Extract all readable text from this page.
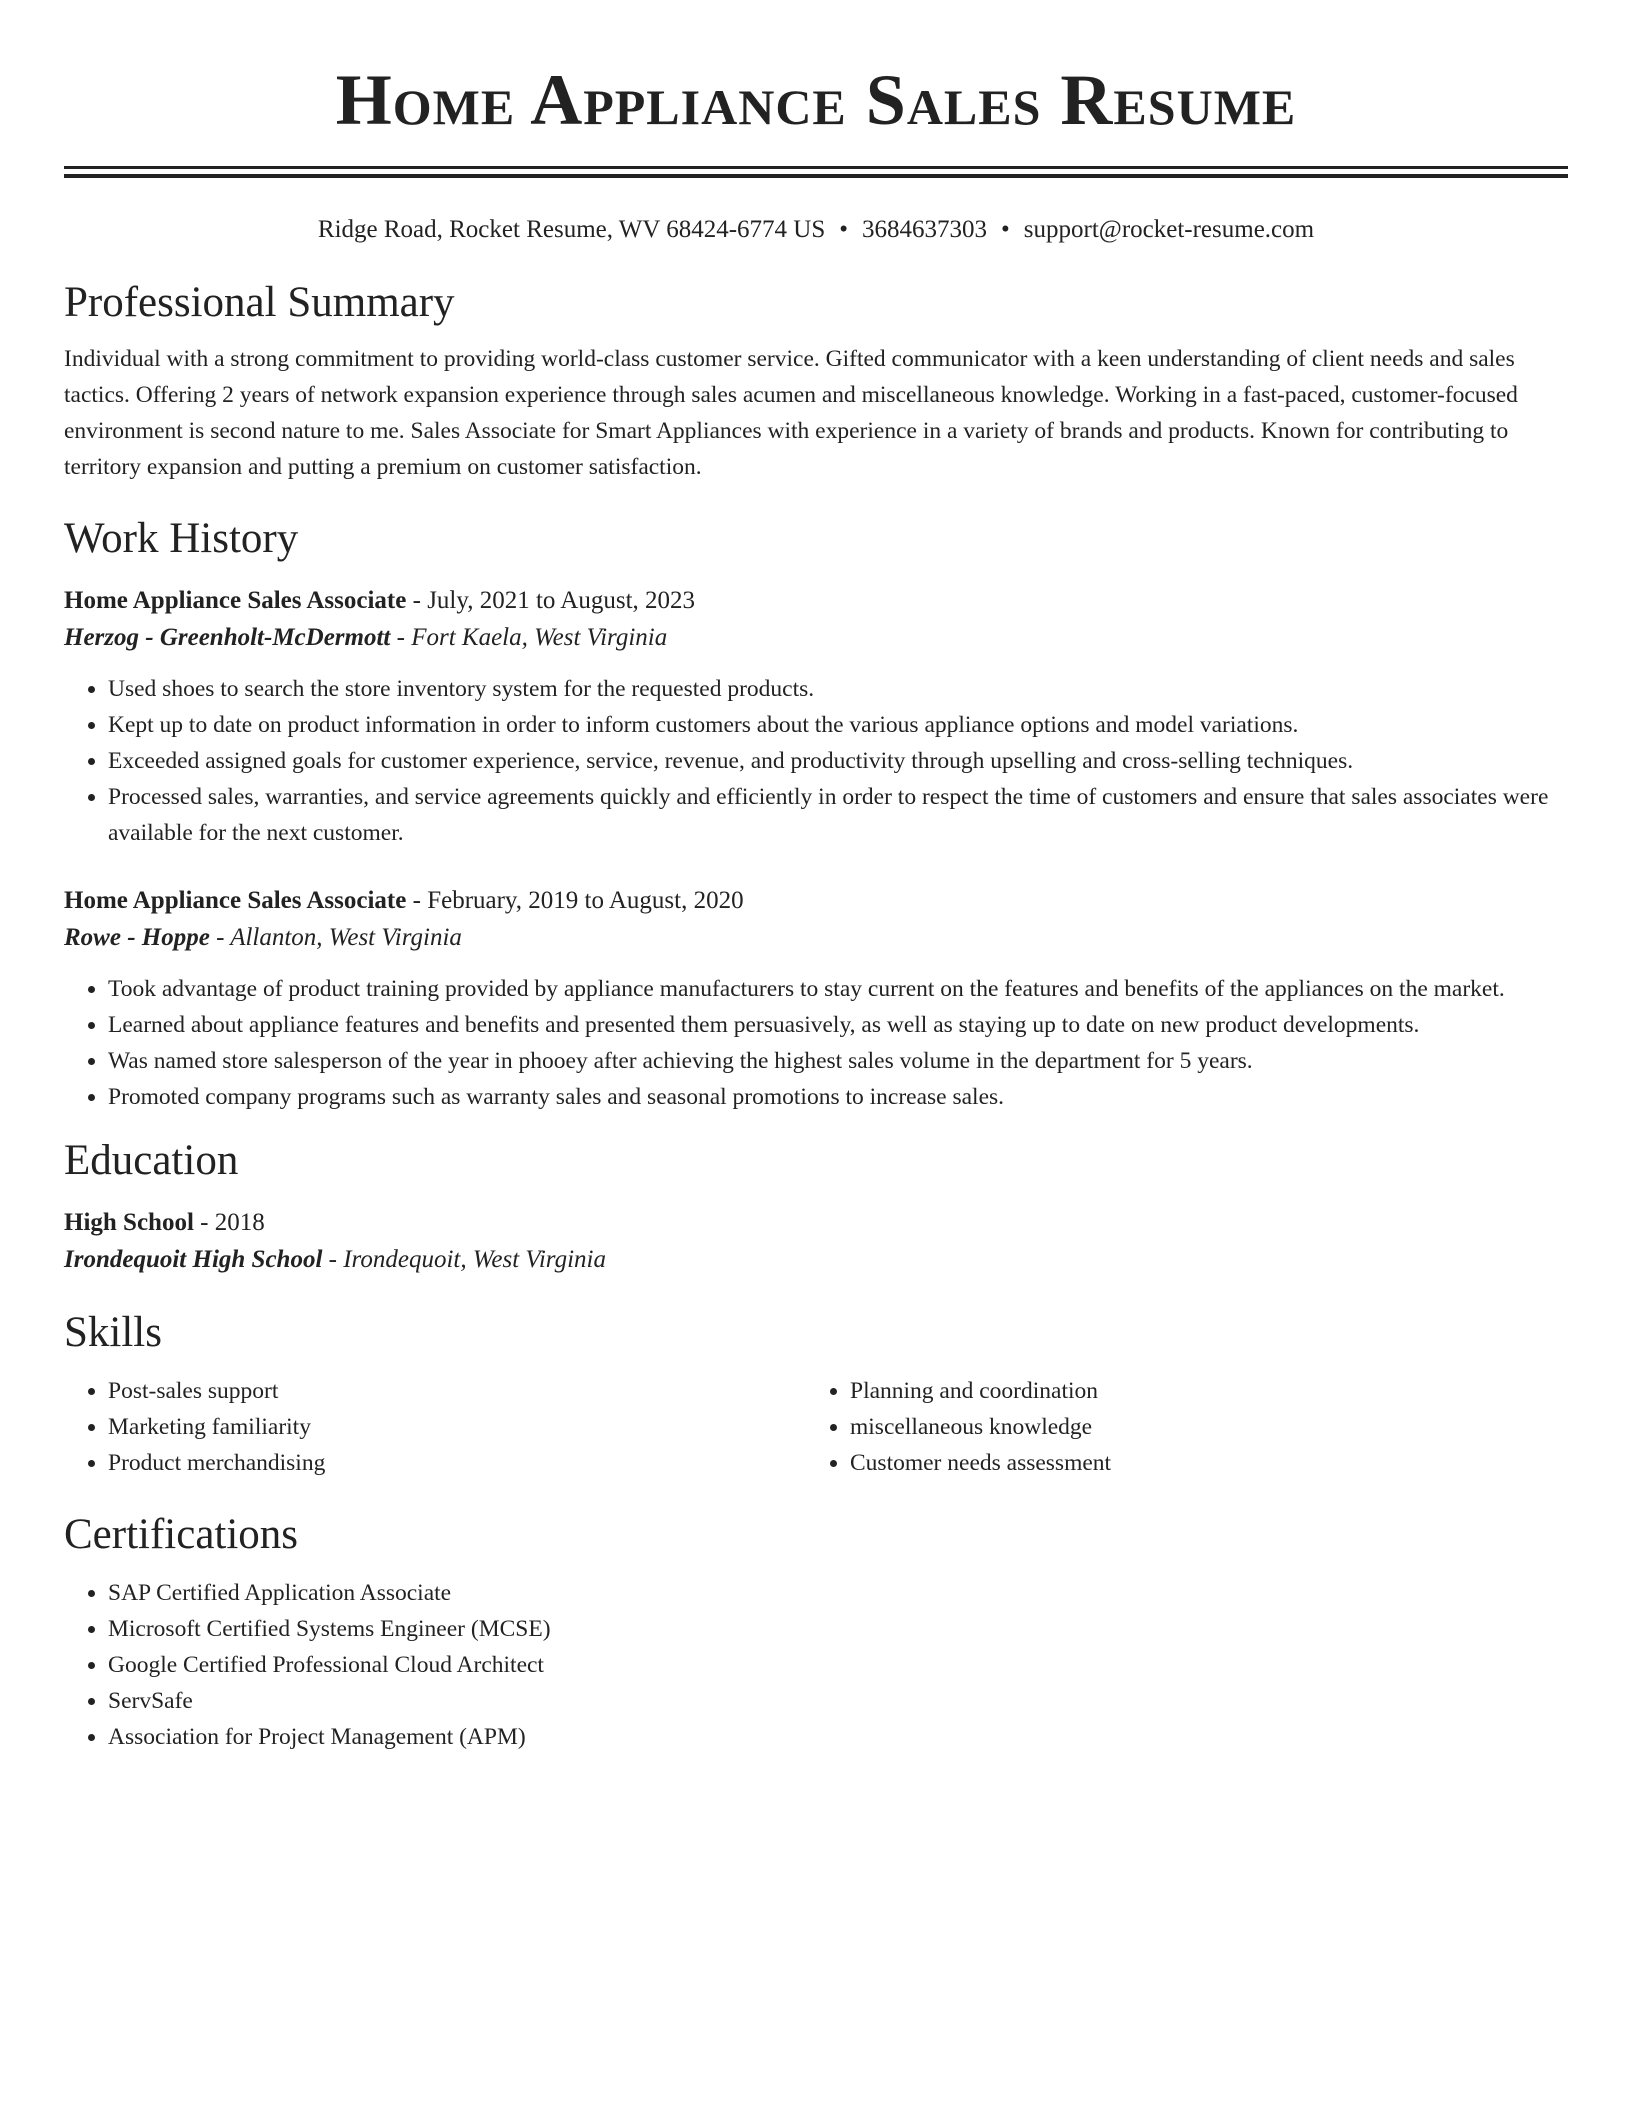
Home Appliance Sales Resume
Ridge Road, Rocket Resume, WV 68424-6774 US • 3684637303 • support@rocket-resume.com
Professional Summary

Individual with a strong commitment to providing world-class customer service. Gifted communicator with a keen understanding of client needs and sales tactics. Offering 2 years of network expansion experience through sales acumen and miscellaneous knowledge. Working in a fast-paced, customer-focused environment is second nature to me. Sales Associate for Smart Appliances with experience in a variety of brands and products. Known for contributing to territory expansion and putting a premium on customer satisfaction.

Work History
Home Appliance Sales Associate - July, 2021 to August, 2023
Herzog - Greenholt-McDermott - Fort Kaela, West Virginia
• Used shoes to search the store inventory system for the requested products.
• Kept up to date on product information in order to inform customers about the various appliance options and model variations.
• Exceeded assigned goals for customer experience, service, revenue, and productivity through upselling and cross-selling techniques.
• Processed sales, warranties, and service agreements quickly and efficiently in order to respect the time of customers and ensure that sales associates were available for the next customer.
Home Appliance Sales Associate - February, 2019 to August, 2020
Rowe - Hoppe - Allanton, West Virginia
• Took advantage of product training provided by appliance manufacturers to stay current on the features and benefits of the appliances on the market.
• Learned about appliance features and benefits and presented them persuasively, as well as staying up to date on new product developments.
• Was named store salesperson of the year in phooey after achieving the highest sales volume in the department for 5 years.
• Promoted company programs such as warranty sales and seasonal promotions to increase sales.
Education
High School - 2018
Irondequoit High School - Irondequoit, West Virginia
Skills
• Post-sales support
• Marketing familiarity
• Product merchandising
• Planning and coordination
• miscellaneous knowledge
• Customer needs assessment
Certifications
• SAP Certified Application Associate
• Microsoft Certified Systems Engineer (MCSE)
• Google Certified Professional Cloud Architect
• ServSafe
• Association for Project Management (APM)
